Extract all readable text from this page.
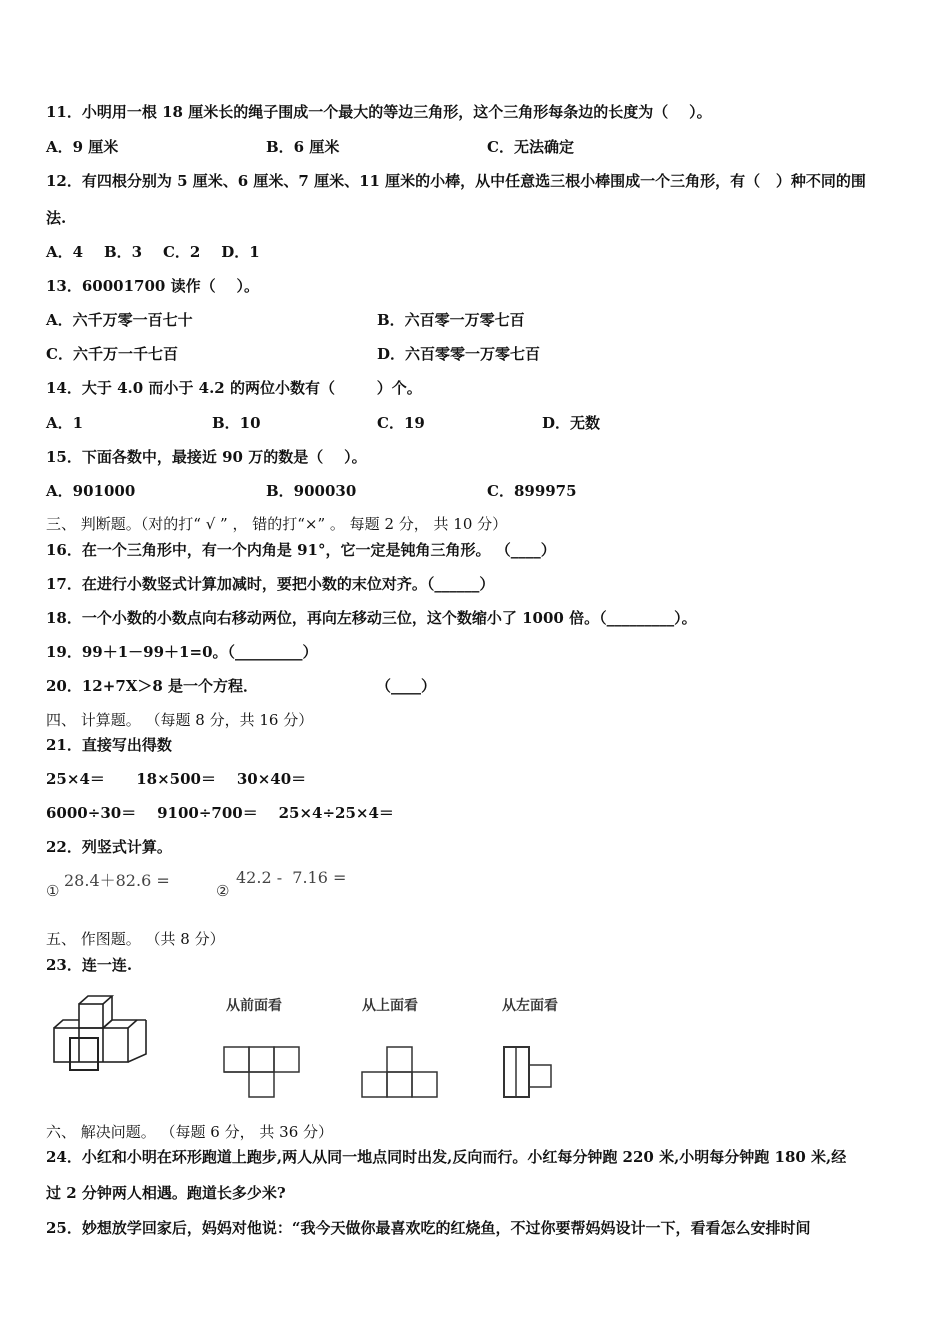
11．小明用一根 18 厘米长的绳子围成一个最大的等边三角形，这个三角形每条边的长度为（    ）。
A．9 厘米	B．6 厘米	C．无法确定
12．有四根分别为 5 厘米、6 厘米、7 厘米、11 厘米的小棒，从中任意选三根小棒围成一个三角形，有（   ）种不同的围
法.
A．4    B．3    C．2    D．1
13．60001700 读作（    ）。
A．六千万零一百七十	B．六百零一万零七百
C．六千万一千七百	D．六百零零一万零七百
14．大于 4.0 而小于 4.2 的两位小数有（        ）个。
A．1	B．10	C．19	D．无数
15．下面各数中，最接近 90 万的数是（    ）。
A．901000	B．900030	C．899975
三、 判断题。（对的打“ √ ” ， 错的打“×” 。 每题 2 分， 共 10 分）
16．在一个三角形中，有一个内角是 91°，它一定是钝角三角形。 （____）
17．在进行小数竖式计算加减时，要把小数的末位对齐。（______）
18．一个小数的小数点向右移动两位，再向左移动三位，这个数缩小了 1000 倍。（_________）。
19．99＋1－99＋1=0。（_________）
20．12+7X＞8 是一个方程．	（____）
四、 计算题。 （每题 8 分，共 16 分）
21．直接写出得数
25×4＝      18×500＝    30×40＝
6000÷30＝    9100÷700＝    25×4÷25×4＝
22．列竖式计算。
①
28.4＋82.6 =
②
42.2 -  7.16 =
五、 作图题。 （共 8 分）
23．连一连.
从前面看	从上面看	从左面看
六、 解决问题。 （每题 6 分， 共 36 分）
24．小红和小明在环形跑道上跑步,两人从同一地点同时出发,反向而行。小红每分钟跑 220 米,小明每分钟跑 180 米,经
过 2 分钟两人相遇。跑道长多少米?
25．妙想放学回家后，妈妈对他说：“我今天做你最喜欢吃的红烧鱼，不过你要帮妈妈设计一下，看看怎么安排时间
